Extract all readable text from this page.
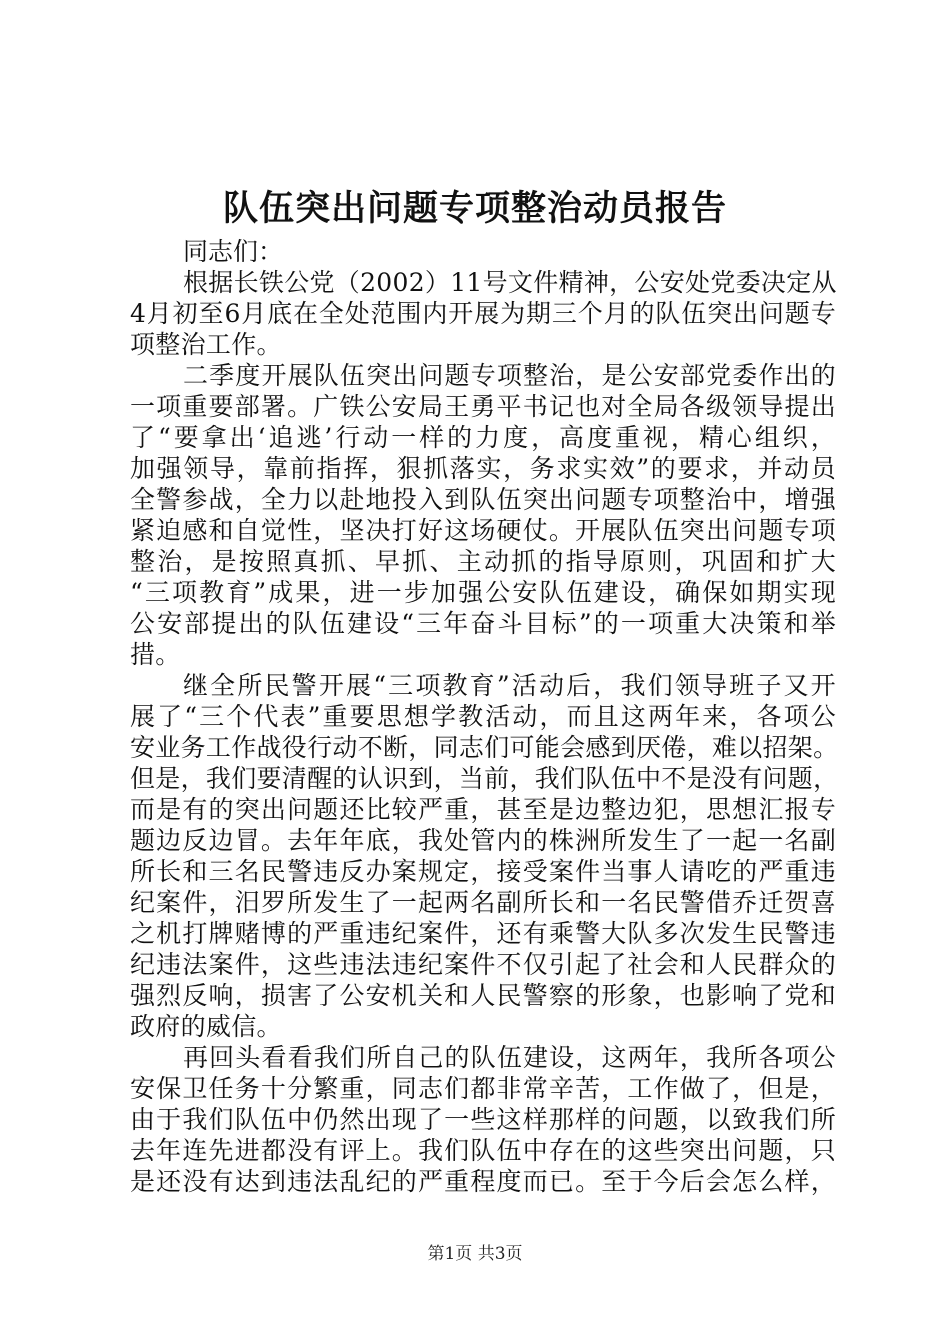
队伍突出问题专项整治动员报告

同志们：

根据长铁公党（2002）11号文件精神，公安处党委决定从
4月初至6月底在全处范围内开展为期三个月的队伍突出问题专
项整治工作。

二季度开展队伍突出问题专项整治，是公安部党委作出的
一项重要部署。广铁公安局王勇平书记也对全局各级领导提出
了“要拿出‘追逃’行动一样的力度，高度重视，精心组织，
加强领导，靠前指挥，狠抓落实，务求实效”的要求，并动员
全警参战，全力以赴地投入到队伍突出问题专项整治中，增强
紧迫感和自觉性，坚决打好这场硬仗。开展队伍突出问题专项
整治，是按照真抓、早抓、主动抓的指导原则，巩固和扩大
“三项教育”成果，进一步加强公安队伍建设，确保如期实现
公安部提出的队伍建设“三年奋斗目标”的一项重大决策和举
措。

继全所民警开展“三项教育”活动后，我们领导班子又开
展了“三个代表”重要思想学教活动，而且这两年来，各项公
安业务工作战役行动不断，同志们可能会感到厌倦，难以招架。
但是，我们要清醒的认识到，当前，我们队伍中不是没有问题，
而是有的突出问题还比较严重，甚至是边整边犯，思想汇报专
题边反边冒。去年年底，我处管内的株洲所发生了一起一名副
所长和三名民警违反办案规定，接受案件当事人请吃的严重违
纪案件，汨罗所发生了一起两名副所长和一名民警借乔迁贺喜
之机打牌赌博的严重违纪案件，还有乘警大队多次发生民警违
纪违法案件，这些违法违纪案件不仅引起了社会和人民群众的
强烈反响，损害了公安机关和人民警察的形象，也影响了党和
政府的威信。

再回头看看我们所自己的队伍建设，这两年，我所各项公
安保卫任务十分繁重，同志们都非常辛苦，工作做了，但是，
由于我们队伍中仍然出现了一些这样那样的问题，以致我们所
去年连先进都没有评上。我们队伍中存在的这些突出问题，只
是还没有达到违法乱纪的严重程度而已。至于今后会怎么样，

第1页 共3页
